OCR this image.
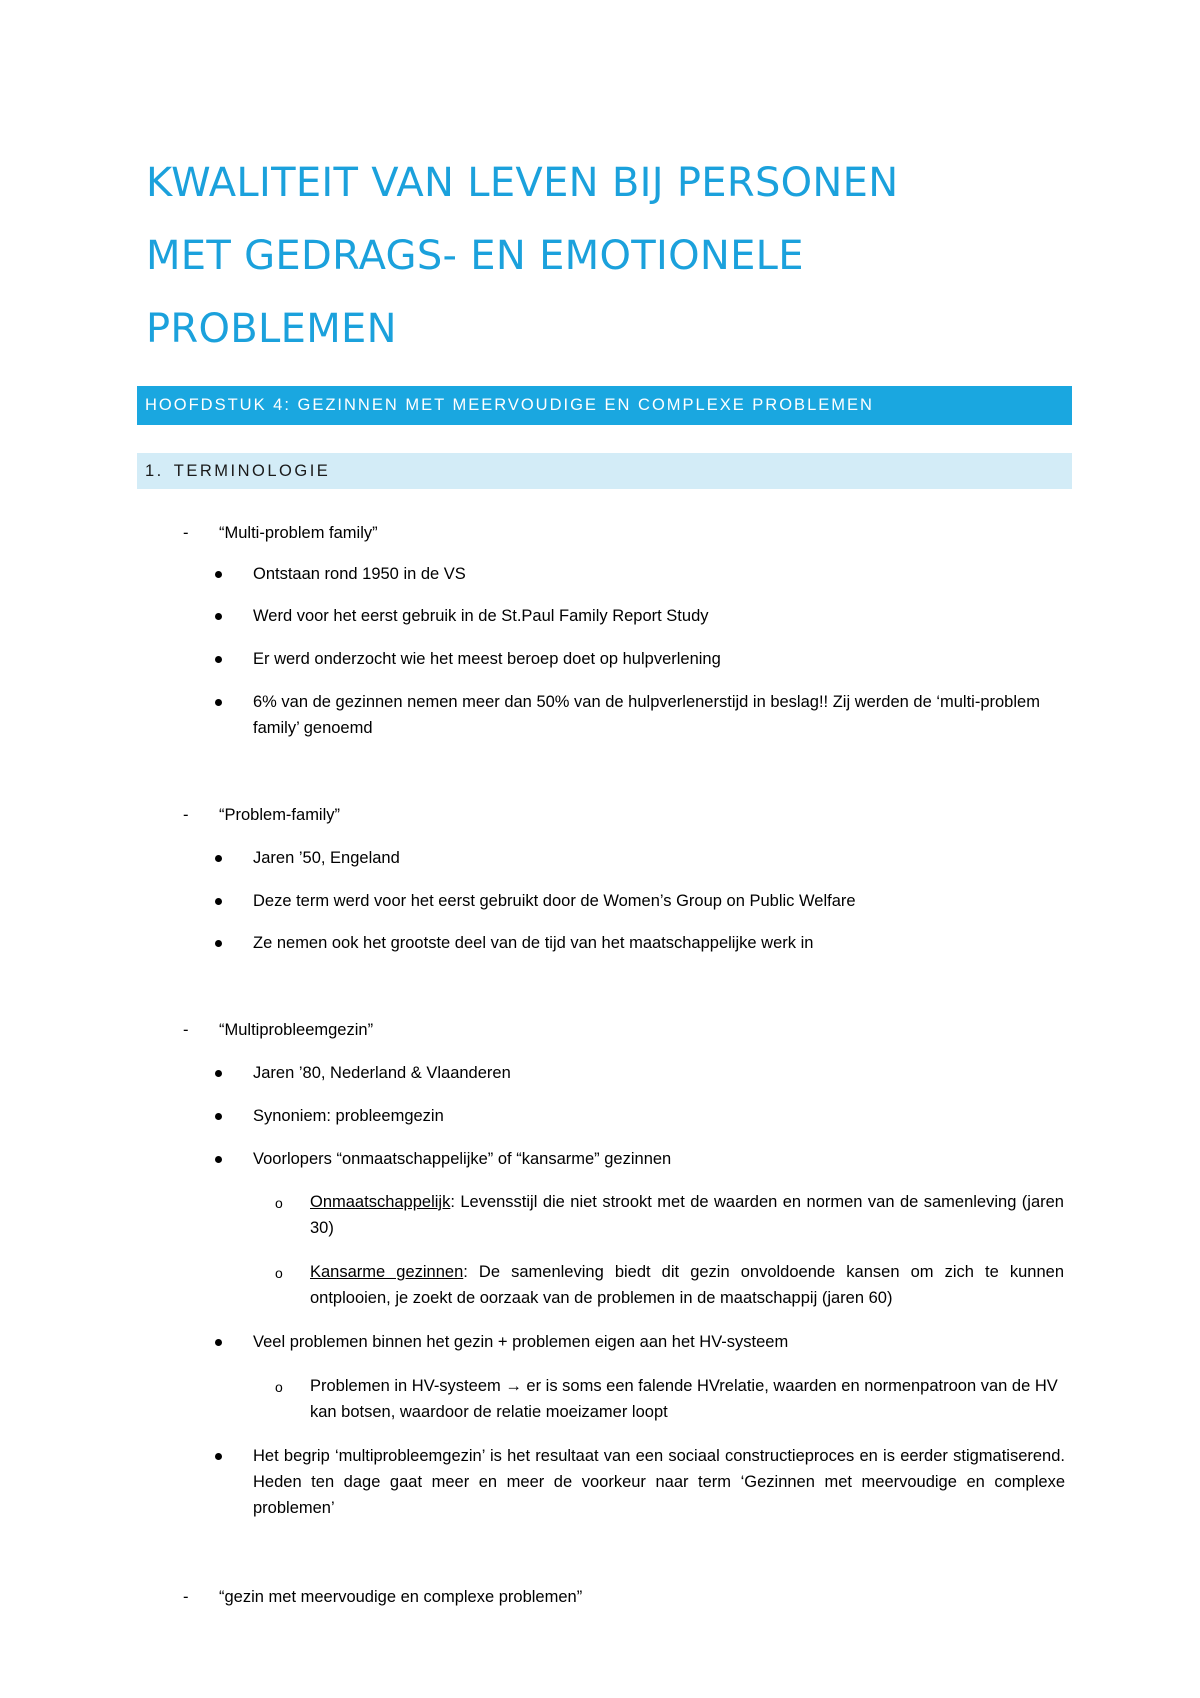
KWALITEIT VAN LEVEN BIJ PERSONEN
MET GEDRAGS- EN EMOTIONELE
PROBLEMEN
HOOFDSTUK 4: GEZINNEN MET MEERVOUDIGE EN COMPLEXE PROBLEMEN
1. TERMINOLOGIE
- “Multi-problem family”
Ontstaan rond 1950 in de VS
Werd voor het eerst gebruik in de St.Paul Family Report Study
Er werd onderzocht wie het meest beroep doet op hulpverlening
6% van de gezinnen nemen meer dan 50% van de hulpverlenerstijd in beslag!! Zij werden de ‘multi-problem family’ genoemd
- “Problem-family”
Jaren ’50, Engeland
Deze term werd voor het eerst gebruikt door de Women’s Group on Public Welfare
Ze nemen ook het grootste deel van de tijd van het maatschappelijke werk in
- “Multiprobleemgezin”
Jaren ’80, Nederland & Vlaanderen
Synoniem: probleemgezin
Voorlopers “onmaatschappelijke” of “kansarme” gezinnen
o Onmaatschappelijk: Levensstijl die niet strookt met de waarden en normen van de samenleving (jaren 30)
o Kansarme gezinnen: De samenleving biedt dit gezin onvoldoende kansen om zich te kunnen ontplooien, je zoekt de oorzaak van de problemen in de maatschappij (jaren 60)
Veel problemen binnen het gezin + problemen eigen aan het HV-systeem
o Problemen in HV-systeem → er is soms een falende HVrelatie, waarden en normenpatroon van de HV kan botsen, waardoor de relatie moeizamer loopt
Het begrip ‘multiprobleemgezin’ is het resultaat van een sociaal constructieproces en is eerder stigmatiserend. Heden ten dage gaat meer en meer de voorkeur naar term ‘Gezinnen met meervoudige en complexe problemen’
- “gezin met meervoudige en complexe problemen”
